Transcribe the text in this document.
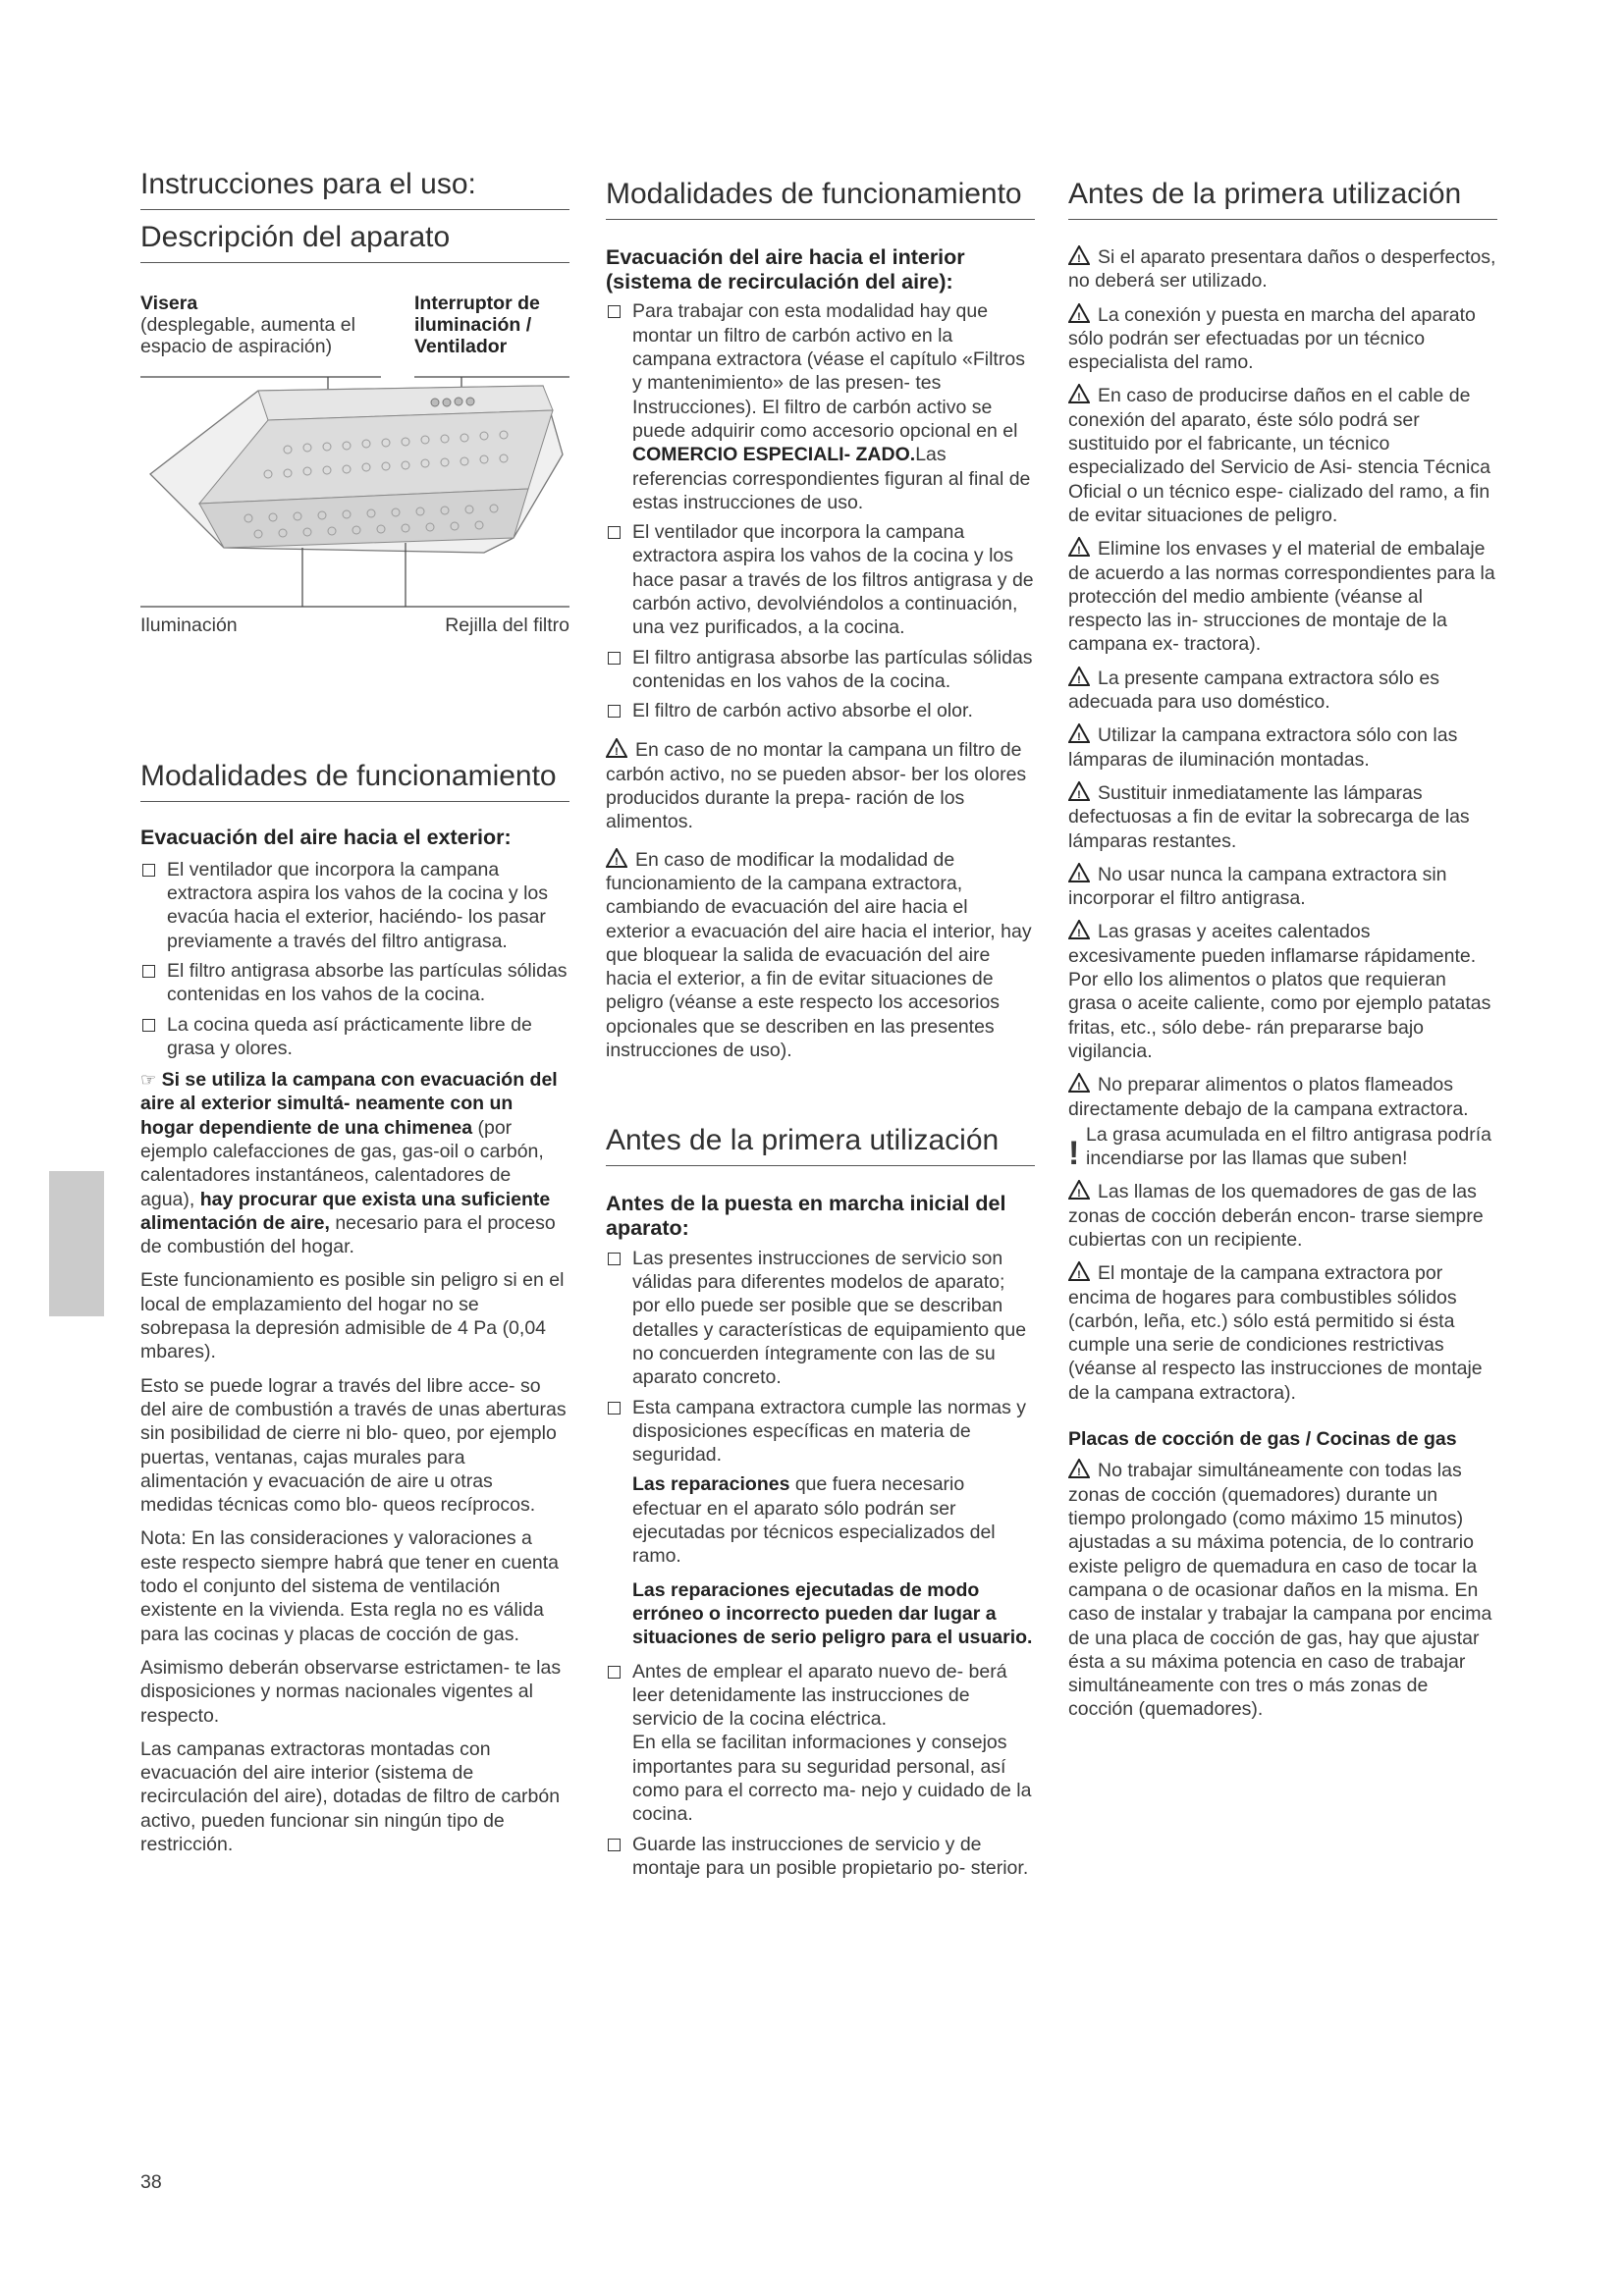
Instrucciones para el uso:
Descripción del aparato
Visera
(desplegable, aumenta el espacio de aspiración)
Interruptor de iluminación / Ventilador
Iluminación	Rejilla del filtro
Modalidades de funcionamiento
Evacuación del aire hacia el exterior:
El ventilador que incorpora la campana extractora aspira los vahos de la cocina y los evacúa hacia el exterior, haciéndo- los pasar previamente a través del filtro antigrasa.
El filtro antigrasa absorbe las partículas sólidas contenidas en los vahos de la cocina.
La cocina queda así prácticamente libre de grasa y olores.

☞ Si se utiliza la campana con evacuación del aire al exterior simultá- neamente con un hogar dependiente de una chimenea (por ejemplo calefacciones de gas, gas-oil o carbón, calentadores instantáneos, calentadores de agua), hay procurar que exista una suficiente alimentación de aire, necesario para el proceso de combustión del hogar.

Este funcionamiento es posible sin peligro si en el local de emplazamiento del hogar no se sobrepasa la depresión admisible de 4 Pa (0,04 mbares).

Esto se puede lograr a través del libre acce- so del aire de combustión a través de unas aberturas sin posibilidad de cierre ni blo- queo, por ejemplo puertas, ventanas, cajas murales para alimentación y evacuación de aire u otras medidas técnicas como blo- queos recíprocos.

Nota: En las consideraciones y valoraciones a este respecto siempre habrá que tener en cuenta todo el conjunto del sistema de ventilación existente en la vivienda. Esta regla no es válida para las cocinas y placas de cocción de gas.

Asimismo deberán observarse estrictamen- te las disposiciones y normas nacionales vigentes al respecto.

Las campanas extractoras montadas con evacuación del aire interior (sistema de recirculación del aire), dotadas de filtro de carbón activo, pueden funcionar sin ningún tipo de restricción.

Modalidades de funcionamiento
Evacuación del aire hacia el interior (sistema de recirculación del aire):
Para trabajar con esta modalidad hay que montar un filtro de carbón activo en la campana extractora (véase el capítulo «Filtros y mantenimiento» de las presen- tes Instrucciones). El filtro de carbón activo se puede adquirir como accesorio opcional en el COMERCIO ESPECIALI- ZADO.Las referencias correspondientes figuran al final de estas instrucciones de uso.
El ventilador que incorpora la campana extractora aspira los vahos de la cocina y los hace pasar a través de los filtros antigrasa y de carbón activo, devolviéndolos a continuación, una vez purificados, a la cocina.
El filtro antigrasa absorbe las partículas sólidas contenidas en los vahos de la cocina.
El filtro de carbón activo absorbe el olor.

! En caso de no montar la campana un filtro de carbón activo, no se pueden absor- ber los olores producidos durante la prepa- ración de los alimentos.

! En caso de modificar la modalidad de funcionamiento de la campana extractora, cambiando de evacuación del aire hacia el exterior a evacuación del aire hacia el interior, hay que bloquear la salida de evacuación del aire hacia el exterior, a fin de evitar situaciones de peligro (véanse a este respecto los accesorios opcionales que se describen en las presentes instrucciones de uso).

Antes de la primera utilización
Antes de la puesta en marcha inicial del aparato:
Las presentes instrucciones de servicio son válidas para diferentes modelos de aparato; por ello puede ser posible que se describan detalles y características de equipamiento que no concuerden íntegramente con las de su aparato concreto.
Esta campana extractora cumple las normas y disposiciones específicas en materia de seguridad.

Las reparaciones que fuera necesario efectuar en el aparato sólo podrán ser ejecutadas por técnicos especializados del ramo.

Las reparaciones ejecutadas de modo erróneo o incorrecto pueden dar lugar a situaciones de serio peligro para el usuario.

Antes de emplear el aparato nuevo de- berá leer detenidamente las instrucciones de servicio de la cocina eléctrica.
En ella se facilitan informaciones y consejos importantes para su seguridad personal, así como para el correcto ma- nejo y cuidado de la cocina.
Guarde las instrucciones de servicio y de montaje para un posible propietario po- sterior.
Antes de la primera utilización

! Si el aparato presentara daños o desperfectos, no deberá ser utilizado.

! La conexión y puesta en marcha del aparato sólo podrán ser efectuadas por un técnico especialista del ramo.

! En caso de producirse daños en el cable de conexión del aparato, éste sólo podrá ser sustituido por el fabricante, un técnico especializado del Servicio de Asi- stencia Técnica Oficial o un técnico espe- cializado del ramo, a fin de evitar situaciones de peligro.

! Elimine los envases y el material de embalaje de acuerdo a las normas correspondientes para la protección del medio ambiente (véanse al respecto las in- strucciones de montaje de la campana ex- tractora).

! La presente campana extractora sólo es adecuada para uso doméstico.

! Utilizar la campana extractora sólo con las lámparas de iluminación montadas.

! Sustituir inmediatamente las lámparas defectuosas a fin de evitar la sobrecarga de las lámparas restantes.

! No usar nunca la campana extractora sin incorporar el filtro antigrasa.

! Las grasas y aceites calentados excesivamente pueden inflamarse rápidamente. Por ello los alimentos o platos que requieran grasa o aceite caliente, como por ejemplo patatas fritas, etc., sólo debe- rán prepararse bajo vigilancia.

! No preparar alimentos o platos flameados directamente debajo de la campana extractora.

! La grasa acumulada en el filtro antigrasa podría incendiarse por las llamas que suben!

! Las llamas de los quemadores de gas de las zonas de cocción deberán encon- trarse siempre cubiertas con un recipiente.

! El montaje de la campana extractora por encima de hogares para combustibles sólidos (carbón, leña, etc.) sólo está permitido si ésta cumple una serie de condiciones restrictivas (véanse al respecto las instrucciones de montaje de la campana extractora).

Placas de cocción de gas / Cocinas de gas

! No trabajar simultáneamente con todas las zonas de cocción (quemadores) durante un tiempo prolongado (como máximo 15 minutos) ajustadas a su máxima potencia, de lo contrario existe peligro de quemadura en caso de tocar la campana o de ocasionar daños en la misma. En caso de instalar y trabajar la campana por encima de una placa de cocción de gas, hay que ajustar ésta a su máxima potencia en caso de trabajar simultáneamente con tres o más zonas de cocción (quemadores).

38
